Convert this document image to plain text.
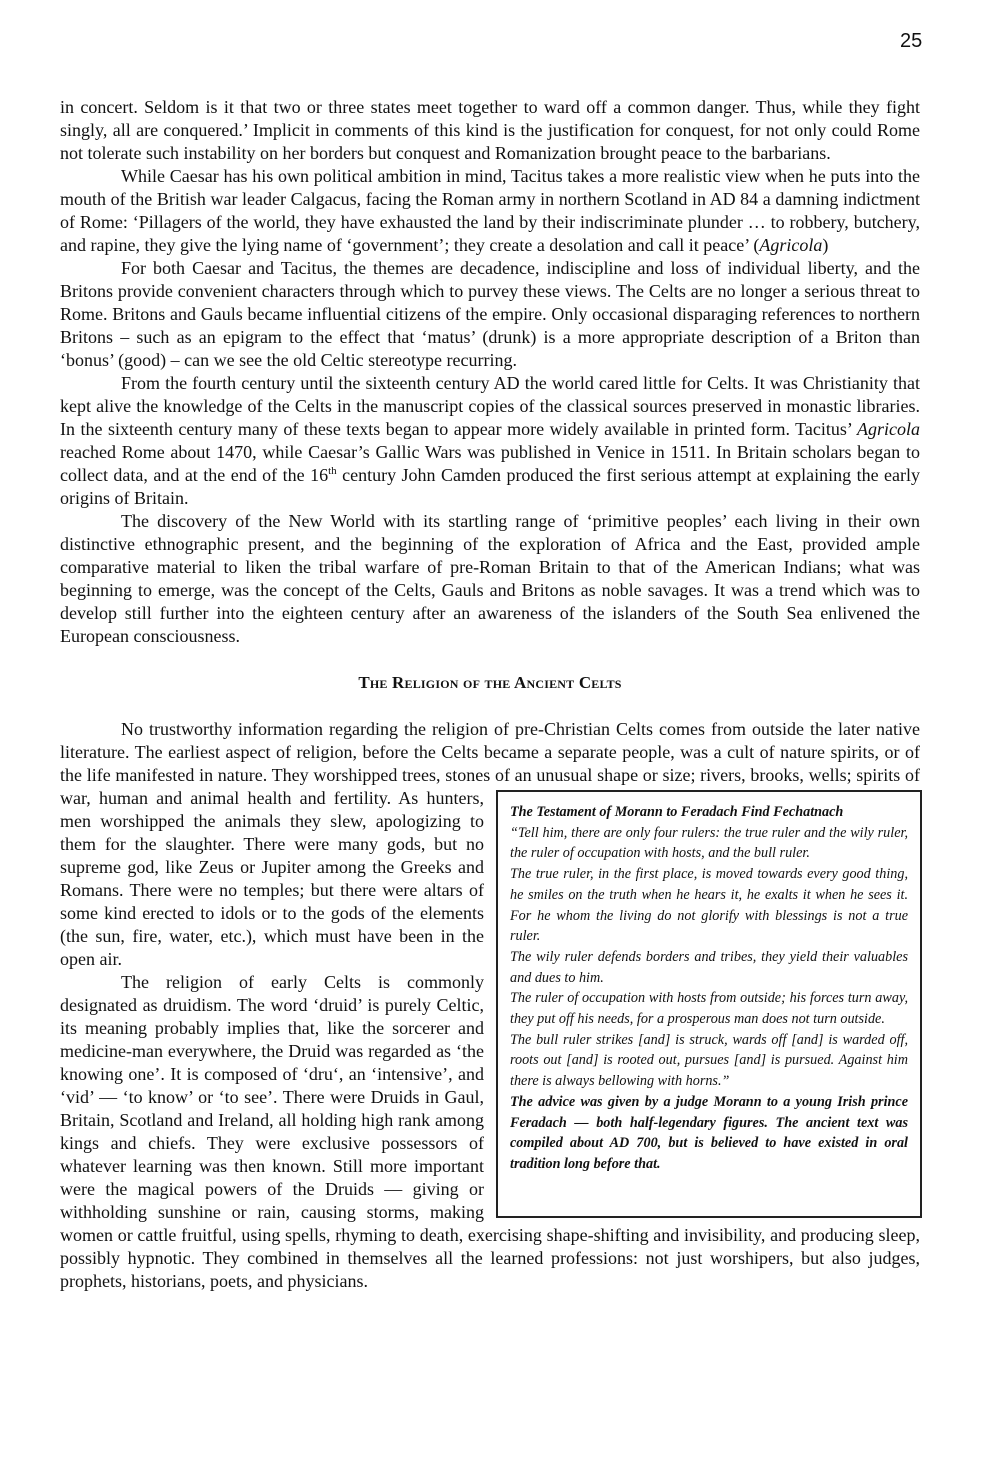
25

in concert. Seldom is it that two or three states meet together to ward off a common danger. Thus, while they fight singly, all are conquered.’ Implicit in comments of this kind is the justification for conquest, for not only could Rome not tolerate such instability on her borders but conquest and Romanization brought peace to the barbarians.

While Caesar has his own political ambition in mind, Tacitus takes a more realistic view when he puts into the mouth of the British war leader Calgacus, facing the Roman army in northern Scotland in AD 84 a damning indictment of Rome: ‘Pillagers of the world, they have exhausted the land by their indiscriminate plunder … to robbery, butchery, and rapine, they give the lying name of ‘government’; they create a desolation and call it peace’ (Agricola)

For both Caesar and Tacitus, the themes are decadence, indiscipline and loss of individual liberty, and the Britons provide convenient characters through which to purvey these views. The Celts are no longer a serious threat to Rome. Britons and Gauls became influential citizens of the empire. Only occasional disparaging references to northern Britons – such as an epigram to the effect that ‘matus’ (drunk) is a more appropriate description of a Briton than ‘bonus’ (good) – can we see the old Celtic stereotype recurring.

From the fourth century until the sixteenth century AD the world cared little for Celts. It was Christianity that kept alive the knowledge of the Celts in the manuscript copies of the classical sources preserved in monastic libraries. In the sixteenth century many of these texts began to appear more widely available in printed form. Tacitus’ Agricola reached Rome about 1470, while Caesar’s Gallic Wars was published in Venice in 1511. In Britain scholars began to collect data, and at the end of the 16th century John Camden produced the first serious attempt at explaining the early origins of Britain.

The discovery of the New World with its startling range of ‘primitive peoples’ each living in their own distinctive ethnographic present, and the beginning of the exploration of Africa and the East, provided ample comparative material to liken the tribal warfare of pre-Roman Britain to that of the American Indians; what was beginning to emerge, was the concept of the Celts, Gauls and Britons as noble savages. It was a trend which was to develop still further into the eighteen century after an awareness of the islanders of the South Sea enlivened the European consciousness.

The Religion of the Ancient Celts

The Testament of Morann to Feradach Find Fechatnach

“Tell him, there are only four rulers: the true ruler and the wily ruler, the ruler of occupation with hosts, and the bull ruler.

The true ruler, in the first place, is moved towards every good thing, he smiles on the truth when he hears it, he exalts it when he sees it. For he whom the living do not glorify with blessings is not a true ruler.

The wily ruler defends borders and tribes, they yield their valuables and dues to him.

The ruler of occupation with hosts from outside; his forces turn away, they put off his needs, for a prosperous man does not turn outside.

The bull ruler strikes [and] is struck, wards off [and] is warded off, roots out [and] is rooted out, pursues [and] is pursued. Against him there is always bellowing with horns.”

The advice was given by a judge Morann to a young Irish prince Feradach — both half-legendary figures. The ancient text was compiled about AD 700, but is believed to have existed in oral tradition long before that.

No trustworthy information regarding the religion of pre-Christian Celts comes from outside the later native literature. The earliest aspect of religion, before the Celts became a separate people, was a cult of nature spirits, or of the life manifested in nature. They worshipped trees, stones of an unusual shape or size; rivers, brooks, wells; spirits of war, human and animal health and fertility. As hunters, men worshipped the animals they slew, apologizing to them for the slaughter. There were many gods, but no supreme god, like Zeus or Jupiter among the Greeks and Romans. There were no temples; but there were altars of some kind erected to idols or to the gods of the elements (the sun, fire, water, etc.), which must have been in the open air.

The religion of early Celts is commonly designated as druidism. The word ‘druid’ is purely Celtic, its meaning probably implies that, like the sorcerer and medicine-man everywhere, the Druid was regarded as ‘the knowing one’. It is composed of ‘dru‘, an ‘intensive’, and ‘vid’ — ‘to know’ or ‘to see’. There were Druids in Gaul, Britain, Scotland and Ireland, all holding high rank among kings and chiefs. They were exclusive possessors of whatever learning was then known. Still more important were the magical powers of the Druids — giving or withholding sunshine or rain, causing storms, making women or cattle fruitful, using spells, rhyming to death, exercising shape-shifting and invisibility, and producing sleep, possibly hypnotic. They combined in themselves all the learned professions: not just worshipers, but also judges, prophets, historians, poets, and physicians.
